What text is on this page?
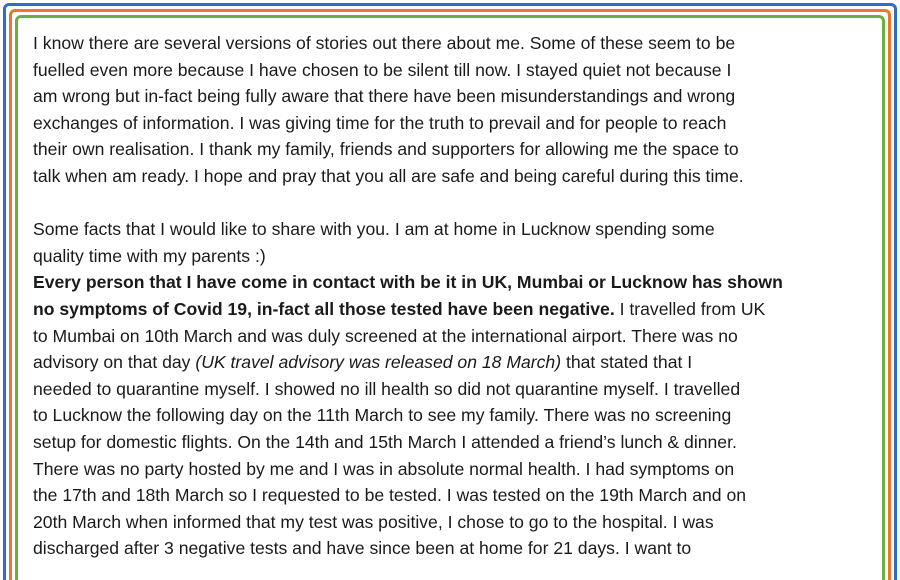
I know there are several versions of stories out there about me. Some of these seem to be
fuelled even more because I have chosen to be silent till now. I stayed quiet not because I
am wrong but in-fact being fully aware that there have been misunderstandings and wrong
exchanges of information. I was giving time for the truth to prevail and for people to reach
their own realisation. I thank my family, friends and supporters for allowing me the space to
talk when am ready. I hope and pray that you all are safe and being careful during this time.

Some facts that I would like to share with you. I am at home in Lucknow spending some
quality time with my parents :)
Every person that I have come in contact with be it in UK, Mumbai or Lucknow has shown
no symptoms of Covid 19, in-fact all those tested have been negative. I travelled from UK
to Mumbai on 10th March and was duly screened at the international airport. There was no
advisory on that day (UK travel advisory was released on 18 March) that stated that I
needed to quarantine myself. I showed no ill health so did not quarantine myself. I travelled
to Lucknow the following day on the 11th March to see my family. There was no screening
setup for domestic flights. On the 14th and 15th March I attended a friend’s lunch & dinner.
There was no party hosted by me and I was in absolute normal health. I had symptoms on
the 17th and 18th March so I requested to be tested. I was tested on the 19th March and on
20th March when informed that my test was positive, I chose to go to the hospital. I was
discharged after 3 negative tests and have since been at home for 21 days. I want to
